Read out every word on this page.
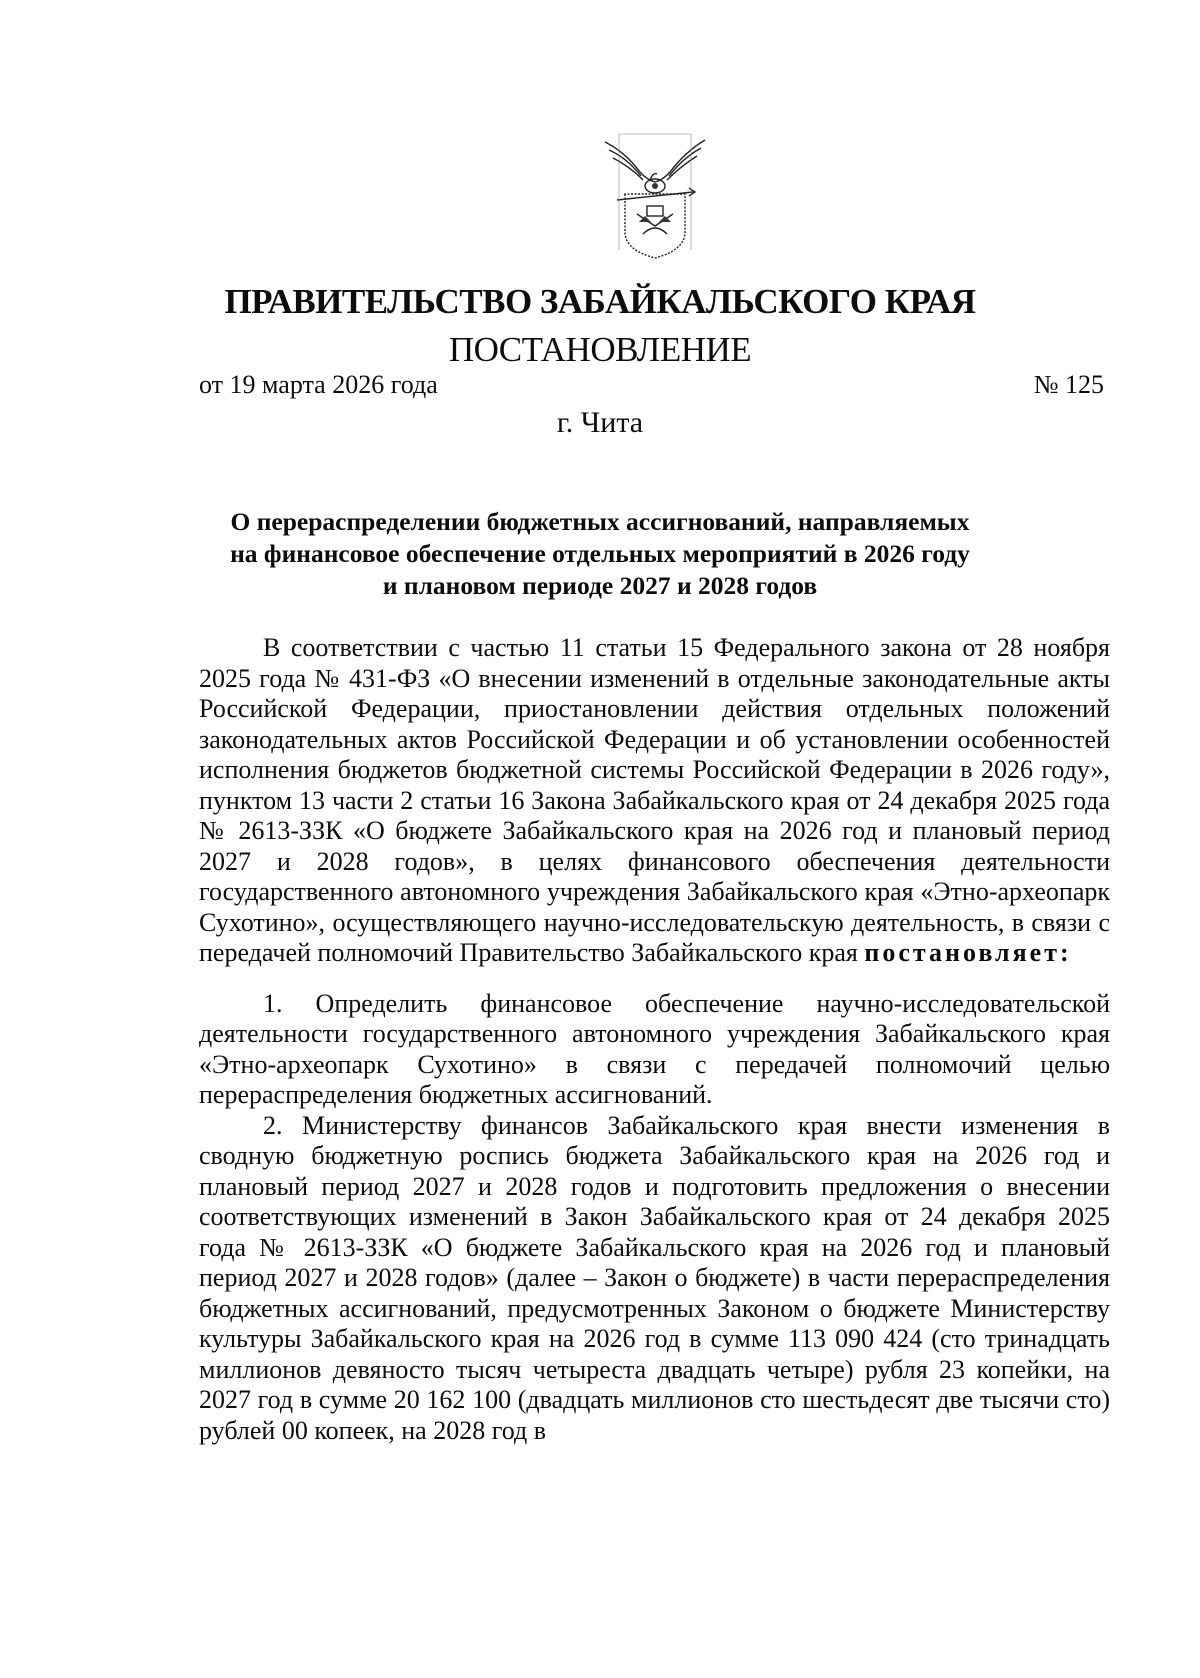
ПРАВИТЕЛЬСТВО ЗАБАЙКАЛЬСКОГО КРАЯ
ПОСТАНОВЛЕНИЕ
от 19 марта 2026 года	№ 125
г. Чита
О перераспределении бюджетных ассигнований, направляемых
на финансовое обеспечение отдельных мероприятий в 2026 году
и плановом периоде 2027 и 2028 годов

В соответствии с частью 11 статьи 15 Федерального закона от 28 ноября 2025 года № 431-ФЗ «О внесении изменений в отдельные законодательные акты Российской Федерации, приостановлении действия отдельных положений законодательных актов Российской Федерации и об установлении особенностей исполнения бюджетов бюджетной системы Российской Федерации в 2026 году», пунктом 13 части 2 статьи 16 Закона Забайкальского края от 24 декабря 2025 года № 2613-ЗЗК «О бюджете Забайкальского края на 2026 год и плановый период 2027 и 2028 годов», в целях финансового обеспечения деятельности государственного автономного учреждения Забайкальского края «Этно-археопарк Сухотино», осуществляющего научно-исследовательскую деятельность, в связи с передачей полномочий Правительство Забайкальского края постановляет:

1. Определить финансовое обеспечение научно-исследовательской деятельности государственного автономного учреждения Забайкальского края «Этно-археопарк Сухотино» в связи с передачей полномочий целью перераспределения бюджетных ассигнований.

2. Министерству финансов Забайкальского края внести изменения в сводную бюджетную роспись бюджета Забайкальского края на 2026 год и плановый период 2027 и 2028 годов и подготовить предложения о внесении соответствующих изменений в Закон Забайкальского края от 24 декабря 2025 года № 2613-ЗЗК «О бюджете Забайкальского края на 2026 год и плановый период 2027 и 2028 годов» (далее – Закон о бюджете) в части перераспределения бюджетных ассигнований, предусмотренных Законом о бюджете Министерству культуры Забайкальского края на 2026 год в сумме 113 090 424 (сто тринадцать миллионов девяносто тысяч четыреста двадцать четыре) рубля 23 копейки, на 2027 год в сумме 20 162 100 (двадцать миллионов сто шестьдесят две тысячи сто) рублей 00 копеек, на 2028 год в
